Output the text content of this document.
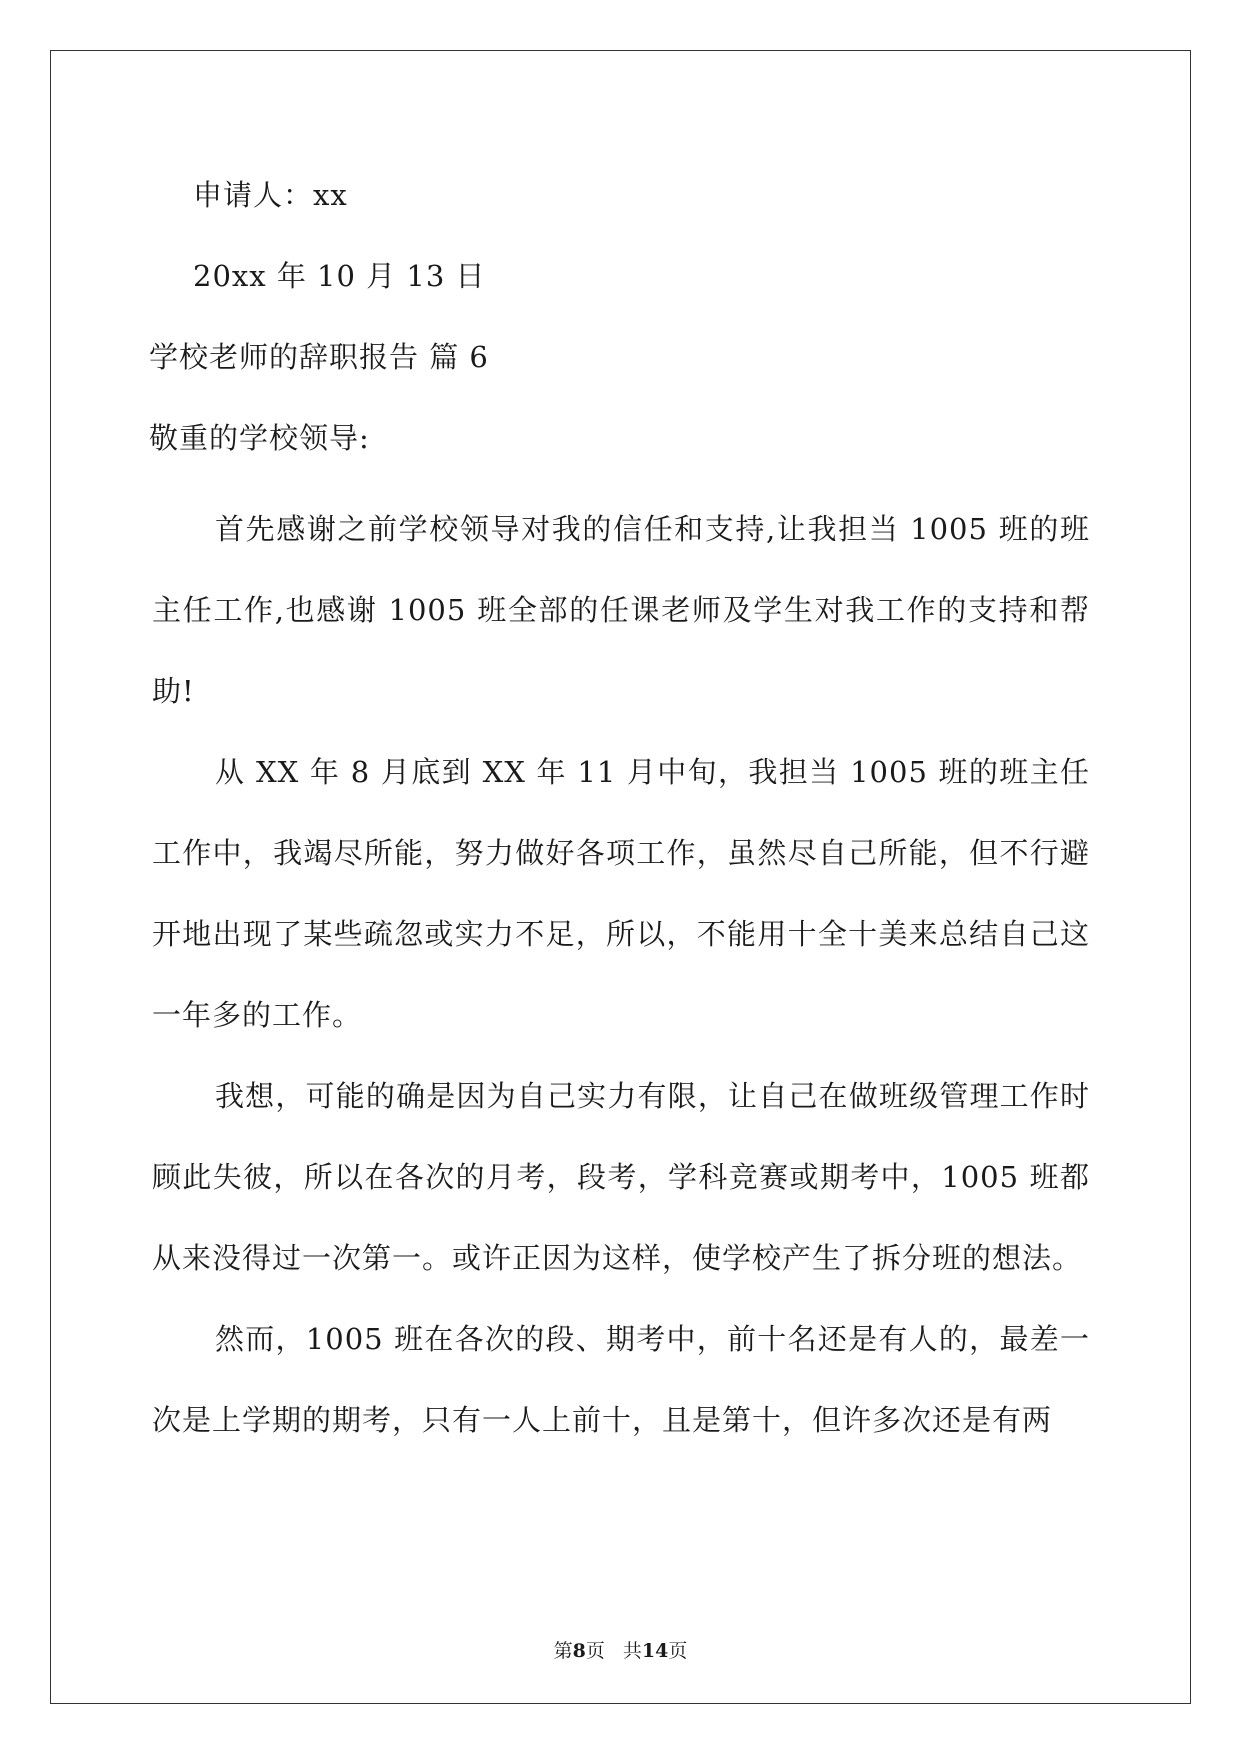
申请人：xx
20xx 年 10 月 13 日
学校老师的辞职报告 篇 6
敬重的学校领导:

首先感谢之前学校领导对我的信任和支持,让我担当 1005 班的班主任工作,也感谢 1005 班全部的任课老师及学生对我工作的支持和帮助!

从 XX 年 8 月底到 XX 年 11 月中旬，我担当 1005 班的班主任工作中，我竭尽所能，努力做好各项工作，虽然尽自己所能，但不行避开地出现了某些疏忽或实力不足，所以，不能用十全十美来总结自己这一年多的工作。

我想，可能的确是因为自己实力有限，让自己在做班级管理工作时顾此失彼，所以在各次的月考，段考，学科竞赛或期考中，1005 班都从来没得过一次第一。或许正因为这样，使学校产生了拆分班的想法。

然而，1005 班在各次的段、期考中，前十名还是有人的，最差一次是上学期的期考，只有一人上前十，且是第十，但许多次还是有两

第8页 共14页
